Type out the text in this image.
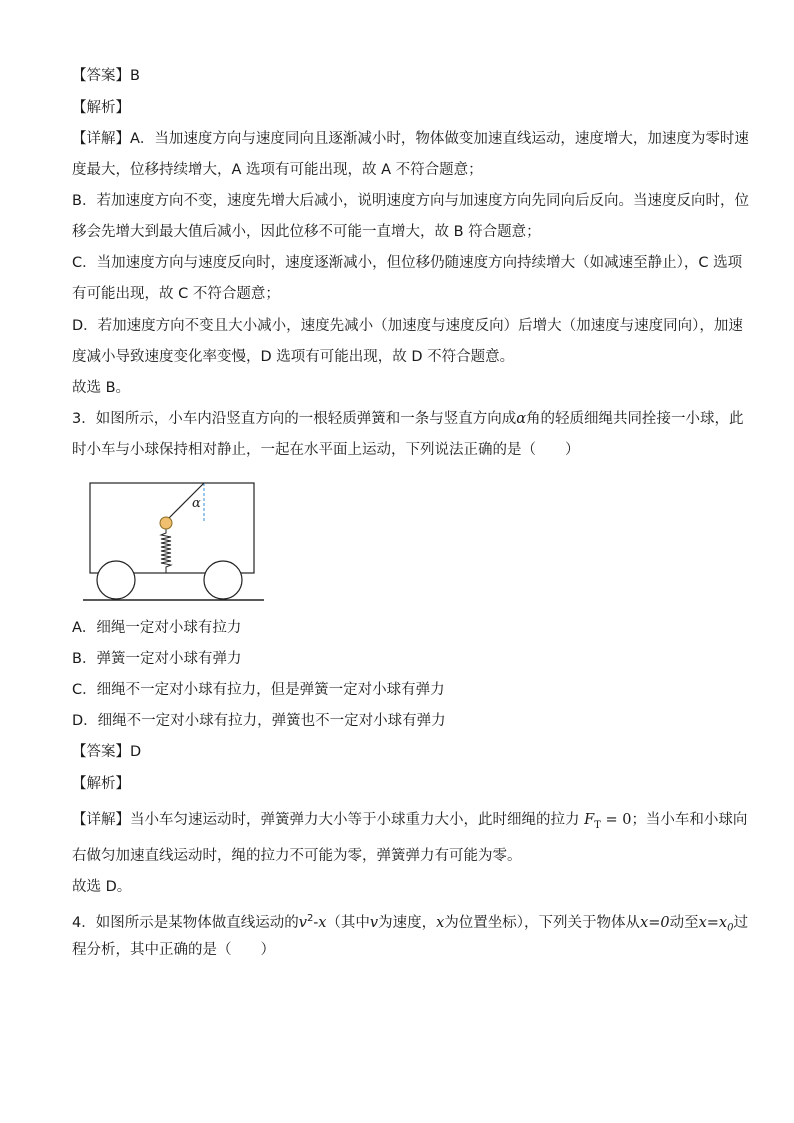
【答案】B
【解析】
【详解】A．当加速度方向与速度同向且逐渐减小时，物体做变加速直线运动，速度增大，加速度为零时速
度最大，位移持续增大，A 选项有可能出现，故 A 不符合题意；
B．若加速度方向不变，速度先增大后减小，说明速度方向与加速度方向先同向后反向。当速度反向时，位
移会先增大到最大值后减小，因此位移不可能一直增大，故 B 符合题意；
C．当加速度方向与速度反向时，速度逐渐减小，但位移仍随速度方向持续增大（如减速至静止），C 选项
有可能出现，故 C 不符合题意；
D．若加速度方向不变且大小减小，速度先减小（加速度与速度反向）后增大（加速度与速度同向），加速
度减小导致速度变化率变慢，D 选项有可能出现，故 D 不符合题意。
故选 B。
3．如图所示，小车内沿竖直方向的一根轻质弹簧和一条与竖直方向成α角的轻质细绳共同拴接一小球，此
时小车与小球保持相对静止，一起在水平面上运动，下列说法正确的是（　　）
α
A．细绳一定对小球有拉力
B．弹簧一定对小球有弹力
C．细绳不一定对小球有拉力，但是弹簧一定对小球有弹力
D．细绳不一定对小球有拉力，弹簧也不一定对小球有弹力
【答案】D
【解析】
【详解】当小车匀速运动时，弹簧弹力大小等于小球重力大小，此时细绳的拉力 $F_T = 0$；当小车和小球向
右做匀加速直线运动时，绳的拉力不可能为零，弹簧弹力有可能为零。
故选 D。
4．如图所示是某物体做直线运动的$v^2-x$（其中v为速度，x为位置坐标），下列关于物体从x=0动至$x=x_0$过
程分析，其中正确的是（　　）
